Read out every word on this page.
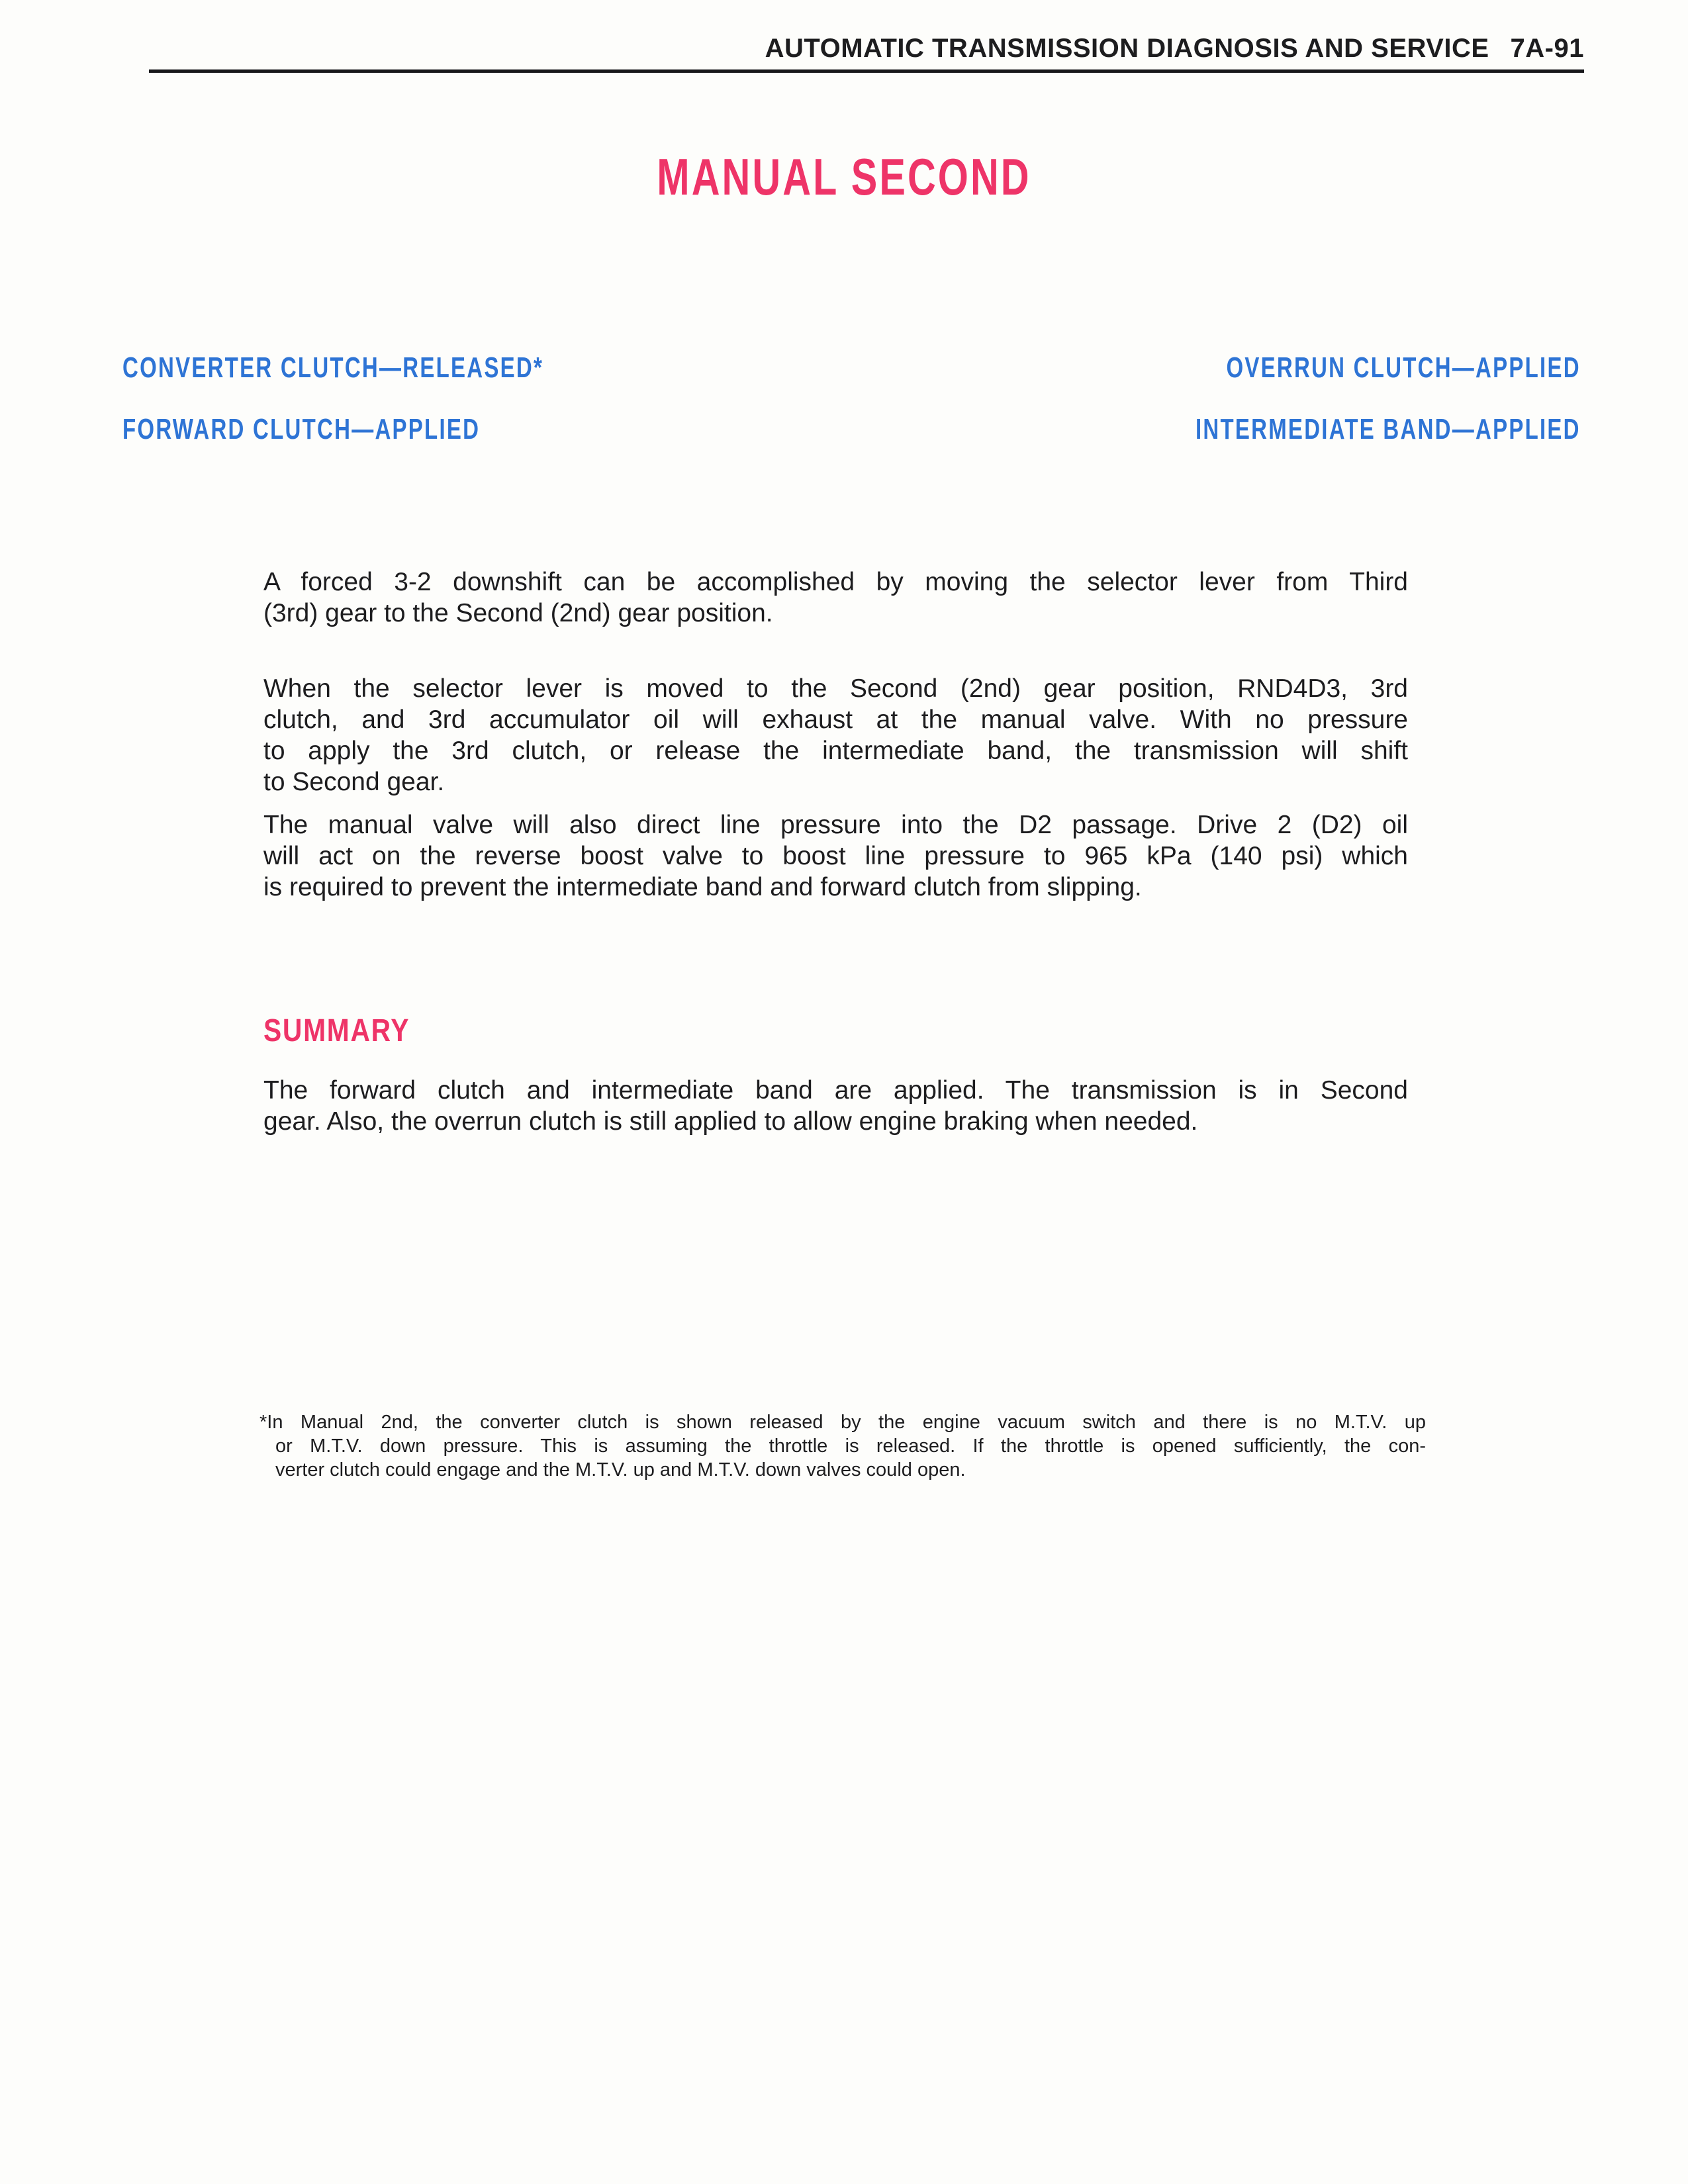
AUTOMATIC TRANSMISSION DIAGNOSIS AND SERVICE 7A-91
MANUAL SECOND
CONVERTER CLUTCH—RELEASED*
FORWARD CLUTCH—APPLIED
OVERRUN CLUTCH—APPLIED
INTERMEDIATE BAND—APPLIED
A forced 3-2 downshift can be accomplished by moving the selector lever from Third
(3rd) gear to the Second (2nd) gear position.
When the selector lever is moved to the Second (2nd) gear position, RND4D3, 3rd
clutch, and 3rd accumulator oil will exhaust at the manual valve. With no pressure
to apply the 3rd clutch, or release the intermediate band, the transmission will shift
to Second gear.
The manual valve will also direct line pressure into the D2 passage. Drive 2 (D2) oil
will act on the reverse boost valve to boost line pressure to 965 kPa (140 psi) which
is required to prevent the intermediate band and forward clutch from slipping.
SUMMARY
The forward clutch and intermediate band are applied. The transmission is in Second
gear. Also, the overrun clutch is still applied to allow engine braking when needed.
*In Manual 2nd, the converter clutch is shown released by the engine vacuum switch and there is no M.T.V. up
or M.T.V. down pressure. This is assuming the throttle is released. If the throttle is opened sufficiently, the con-
verter clutch could engage and the M.T.V. up and M.T.V. down valves could open.
